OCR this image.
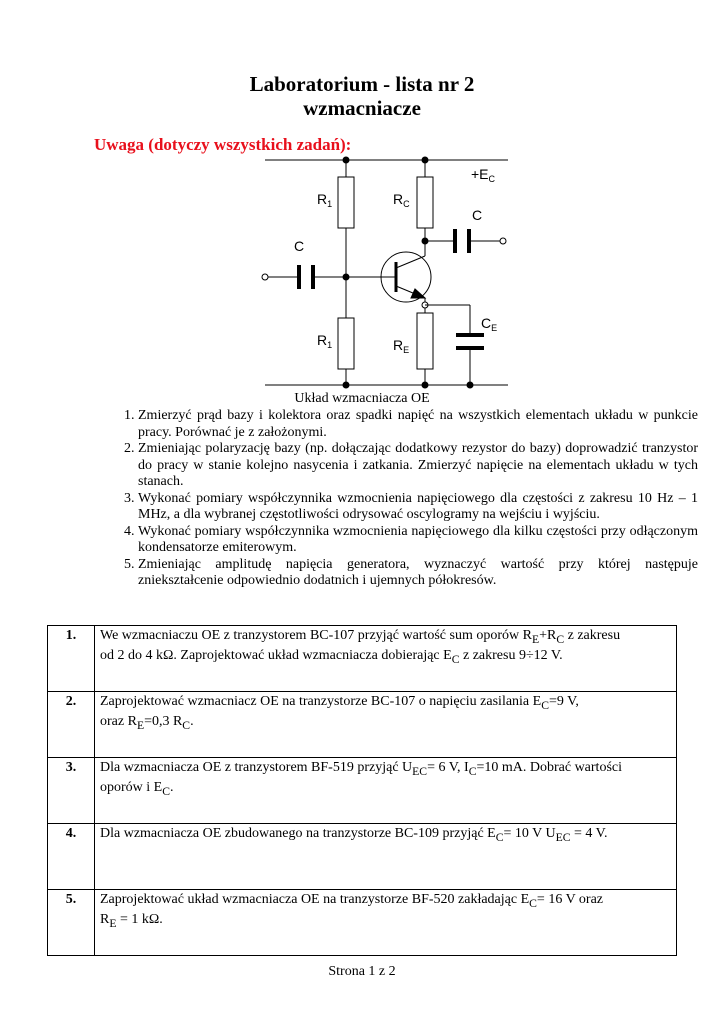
Laboratorium - lista nr 2
wzmacniacze
Uwaga (dotyczy wszystkich zadań):
$+E_C$
$R_1$	$R_C$
C
C
$C_E$
$R_1$	$R_E$
Układ wzmacniacza OE
1. Zmierzyć prąd bazy i kolektora oraz spadki napięć na wszystkich elementach układu w punkcie pracy. Porównać je z założonymi.
2. Zmieniając polaryzację bazy (np. dołączając dodatkowy rezystor do bazy) doprowadzić tranzystor do pracy w stanie kolejno nasycenia i zatkania. Zmierzyć napięcie na elementach układu w tych stanach.
3. Wykonać pomiary współczynnika wzmocnienia napięciowego dla częstości z zakresu 10 Hz – 1 MHz, a dla wybranej częstotliwości odrysować oscylogramy na wejściu i wyjściu.
4. Wykonać pomiary współczynnika wzmocnienia napięciowego dla kilku częstości przy odłączonym kondensatorze emiterowym.
5. Zmieniając amplitudę napięcia generatora, wyznaczyć wartość przy której następuje zniekształcenie odpowiednio dodatnich i ujemnych półokresów.
1.	We wzmacniaczu OE z tranzystorem BC-107 przyjąć wartość sum oporów $R_E+R_C$ z zakresu
od 2 do 4 kΩ. Zaprojektować układ wzmacniacza dobierając $E_C$ z zakresu 9÷12 V.

2.	Zaprojektować wzmacniacz OE na tranzystorze BC-107 o napięciu zasilania $E_C=9$ V,
oraz $R_E=0,3$ $R_C$.

3.	Dla wzmacniacza OE z tranzystorem BF-519 przyjąć $U_{EC}= 6$ V, $I_C=10$ mA. Dobrać wartości
oporów i $E_C$.

4.	Dla wzmacniacza OE zbudowanego na tranzystorze BC-109 przyjąć $E_C= 10$ V $U_{EC} = 4$ V.

5.	Zaprojektować układ wzmacniacza OE na tranzystorze BF-520 zakładając $E_C= 16$ V oraz
$R_E = 1$ kΩ.
Strona 1 z 2
